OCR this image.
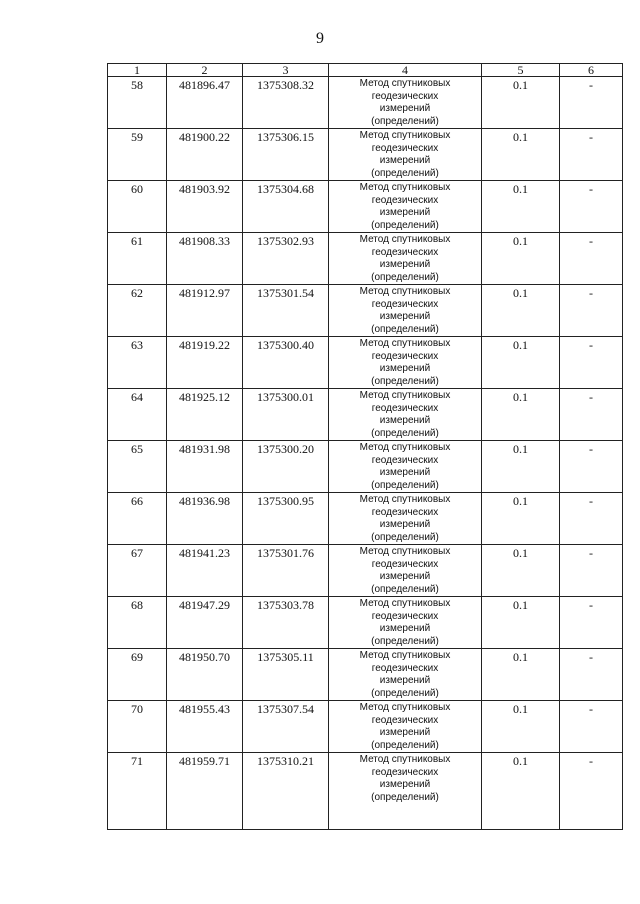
9
1	2	3	4	5	6

58	481896.47	1375308.32	Метод спутниковых
геодезических
измерений
(определений)	0.1	-

59	481900.22	1375306.15	Метод спутниковых
геодезических
измерений
(определений)	0.1	-

60	481903.92	1375304.68	Метод спутниковых
геодезических
измерений
(определений)	0.1	-

61	481908.33	1375302.93	Метод спутниковых
геодезических
измерений
(определений)	0.1	-

62	481912.97	1375301.54	Метод спутниковых
геодезических
измерений
(определений)	0.1	-

63	481919.22	1375300.40	Метод спутниковых
геодезических
измерений
(определений)	0.1	-

64	481925.12	1375300.01	Метод спутниковых
геодезических
измерений
(определений)	0.1	-

65	481931.98	1375300.20	Метод спутниковых
геодезических
измерений
(определений)	0.1	-

66	481936.98	1375300.95	Метод спутниковых
геодезических
измерений
(определений)	0.1	-

67	481941.23	1375301.76	Метод спутниковых
геодезических
измерений
(определений)	0.1	-

68	481947.29	1375303.78	Метод спутниковых
геодезических
измерений
(определений)	0.1	-

69	481950.70	1375305.11	Метод спутниковых
геодезических
измерений
(определений)	0.1	-

70	481955.43	1375307.54	Метод спутниковых
геодезических
измерений
(определений)	0.1	-

71	481959.71	1375310.21	Метод спутниковых
геодезических
измерений
(определений)	0.1	-
